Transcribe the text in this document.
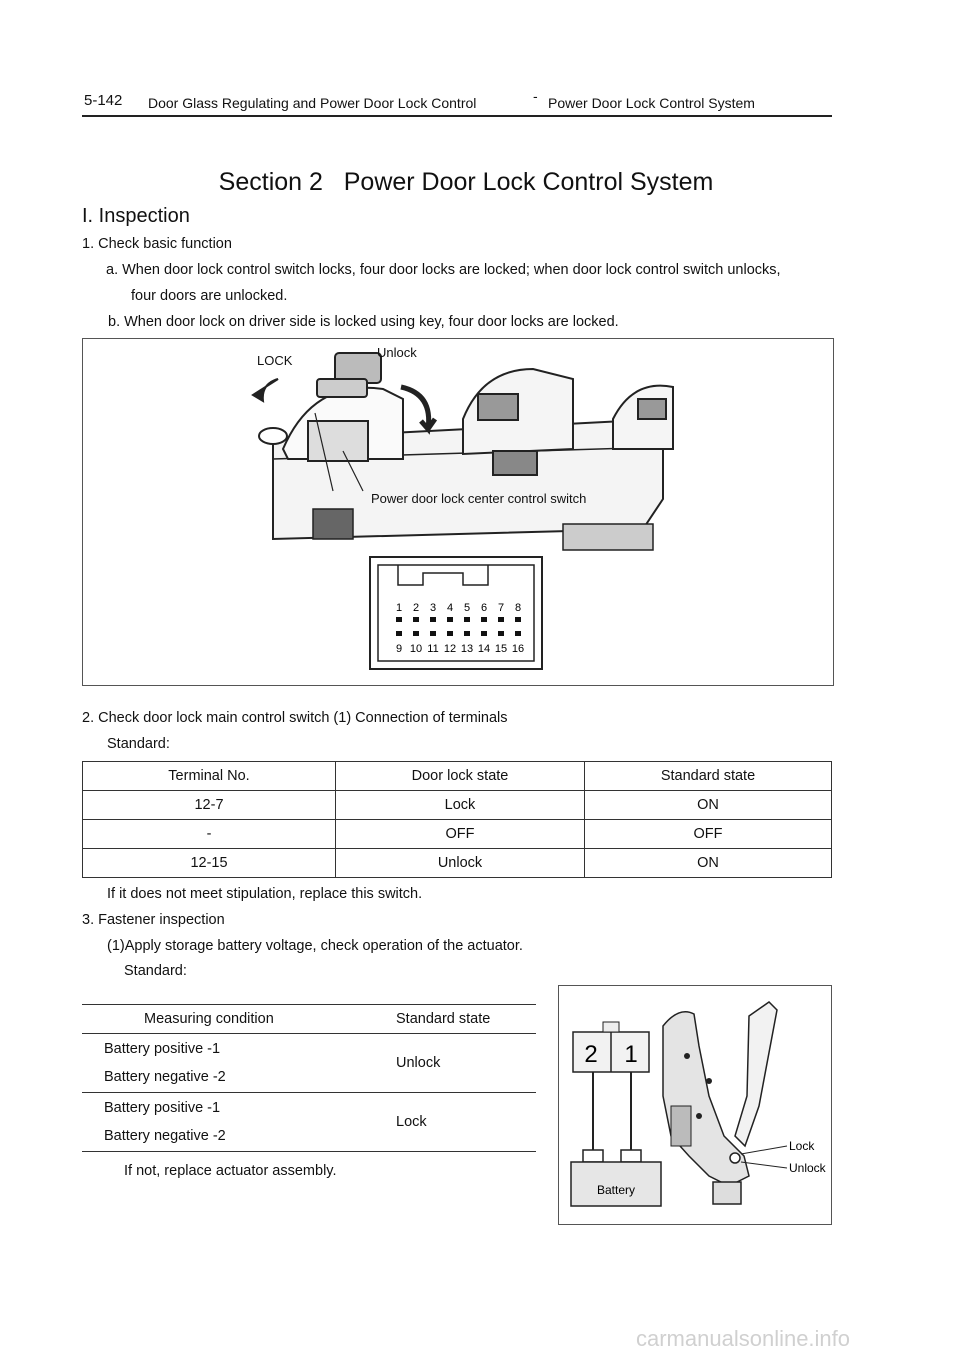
5-142 Door Glass Regulating and Power Door Lock Control	- Power Door Lock Control System
Section 2   Power Door Lock Control System
I. Inspection
1. Check basic function
a. When door lock control switch locks, four door locks are locked; when door lock control switch unlocks,
four doors are unlocked.
b. When door lock on driver side is locked using key, four door locks are locked.
Power door lock center control switch
1 2 3 4 5 6 7 8
9 10 11 12 13 14 15 16
LOCK
Unlock
2. Check door lock main control switch (1) Connection of terminals
Standard:
Terminal No.	Door lock state	Standard state
12-7	Lock	ON
-	OFF	OFF
12-15	Unlock	ON
If it does not meet stipulation, replace this switch.
3. Fastener inspection
(1)Apply storage battery voltage, check operation of the actuator.
Standard:
Measuring condition	Standard state

Battery positive -1
Battery negative -2	Unlock

Battery positive -1
Battery negative -2	Lock
If not, replace actuator assembly.
2 1
Battery
Lock
Unlock
carmanualsonline.info
